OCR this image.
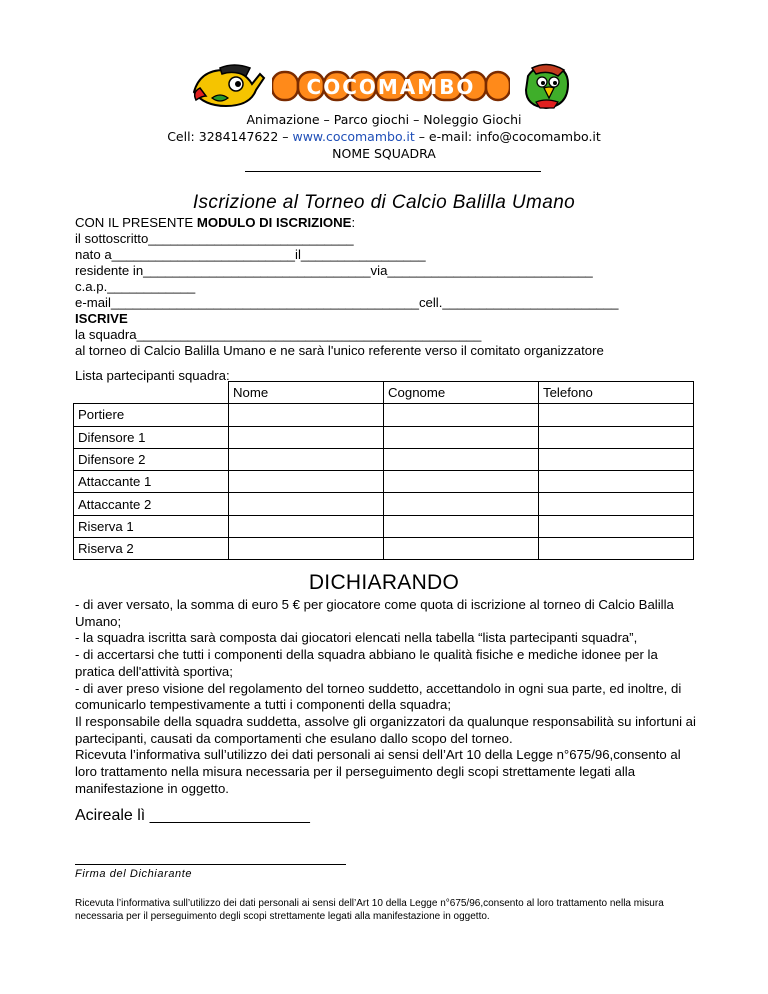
COCOMAMBO
Animazione – Parco giochi – Noleggio Giochi
Cell: 3284147622 – www.cocomambo.it – e-mail: info@cocomambo.it
NOME SQUADRA
Iscrizione al Torneo di Calcio Balilla Umano
CON IL PRESENTE MODULO DI ISCRIZIONE:
il sottoscritto____________________________
nato a_________________________il_________________
residente in_______________________________via____________________________
c.a.p.____________
e-mail__________________________________________cell.________________________
ISCRIVE
la squadra_______________________________________________
al torneo di Calcio Balilla Umano e ne sarà l'unico referente verso il comitato organizzatore
Lista partecipanti squadra:
	Nome	Cognome	Telefono
Portiere			
Difensore 1			
Difensore 2			
Attaccante 1			
Attaccante 2			
Riserva 1			
Riserva 2			
DICHIARANDO
- di aver versato, la somma di euro 5 € per giocatore come quota di iscrizione al torneo di Calcio Balilla
Umano;
- la squadra iscritta sarà composta dai giocatori elencati nella tabella “lista partecipanti squadra”,
- di accertarsi che tutti i componenti della squadra abbiano le qualità fisiche e mediche idonee per la pratica dell'attività sportiva;
- di aver preso visione del regolamento del torneo suddetto, accettandolo in ogni sua parte, ed inoltre, di comunicarlo tempestivamente a tutti i componenti della squadra;
Il responsabile della squadra suddetta, assolve gli organizzatori da qualunque responsabilità su infortuni ai partecipanti, causati da comportamenti che esulano dallo scopo del torneo.
Ricevuta l’informativa sull’utilizzo dei dati personali ai sensi dell’Art 10 della Legge n°675/96,consento al loro trattamento nella misura necessaria per il perseguimento degli scopi strettamente legati alla manifestazione in oggetto.
Acireale lì __________________
Firma del Dichiarante
Ricevuta l’informativa sull’utilizzo dei dati personali ai sensi dell’Art 10 della Legge n°675/96,consento al loro trattamento nella misura necessaria per il perseguimento degli scopi strettamente legati alla manifestazione in oggetto.
